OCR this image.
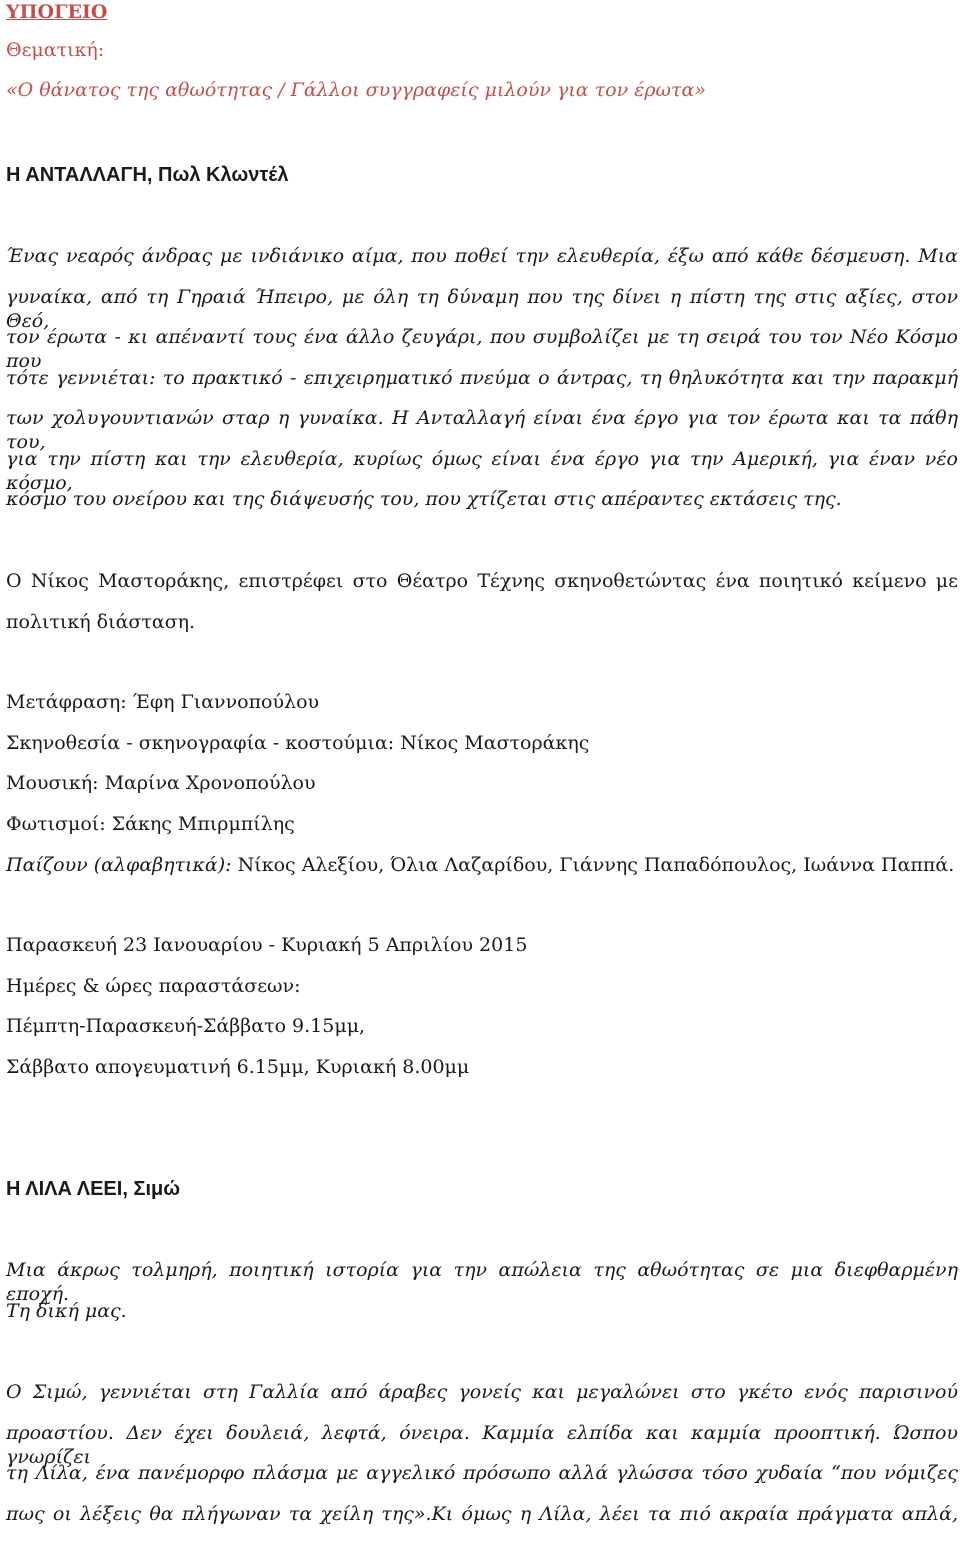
ΥΠΟΓΕΙΟ
Θεματική:
«Ο θάνατος της αθωότητας / Γάλλοι συγγραφείς μιλούν για τον έρωτα»
Η ΑΝΤΑΛΛΑΓΗ, Πωλ Κλωντέλ
Ένας νεαρός άνδρας με ινδιάνικο αίμα, που ποθεί την ελευθερία, έξω από κάθε δέσμευση. Μια
γυναίκα, από τη Γηραιά Ήπειρο, με όλη τη δύναμη που της δίνει η πίστη της στις αξίες, στον Θεό,
τον έρωτα - κι απέναντί τους ένα άλλο ζευγάρι, που συμβολίζει με τη σειρά του τον Νέο Κόσμο που
τότε γεννιέται: το πρακτικό - επιχειρηματικό πνεύμα ο άντρας, τη θηλυκότητα και την παρακμή
των χολυγουντιανών σταρ η γυναίκα. Η Ανταλλαγή είναι ένα έργο για τον έρωτα και τα πάθη του,
για την πίστη και την ελευθερία, κυρίως όμως είναι ένα έργο για την Αμερική, για έναν νέο κόσμο,
κόσμο του ονείρου και της διάψευσής του, που χτίζεται στις απέραντες εκτάσεις της.
Ο Νίκος Μαστοράκης, επιστρέφει στο Θέατρο Τέχνης σκηνοθετώντας ένα ποιητικό κείμενο με
πολιτική διάσταση.
Μετάφραση: Έφη Γιαννοπούλου
Σκηνοθεσία - σκηνογραφία - κοστούμια: Νίκος Μαστοράκης
Μουσική: Μαρίνα Χρονοπούλου
Φωτισμοί: Σάκης Μπιρμπίλης
Παίζουν (αλφαβητικά): Νίκος Αλεξίου, Όλια Λαζαρίδου, Γιάννης Παπαδόπουλος, Ιωάννα Παππά.
Παρασκευή 23 Ιανουαρίου - Κυριακή 5 Απριλίου 2015
Ημέρες & ώρες παραστάσεων:
Πέμπτη-Παρασκευή-Σάββατο 9.15μμ,
Σάββατο απογευματινή 6.15μμ, Κυριακή 8.00μμ
Η ΛΙΛΑ ΛΕΕΙ, Σιμώ
Μια άκρως τολμηρή, ποιητική ιστορία για την απώλεια της αθωότητας σε μια διεφθαρμένη εποχή.
Τη δική μας.
Ο Σιμώ, γεννιέται στη Γαλλία από άραβες γονείς και μεγαλώνει στο γκέτο ενός παρισινού
προαστίου. Δεν έχει δουλειά, λεφτά, όνειρα. Καμμία ελπίδα και καμμία προοπτική. Ώσπου γνωρίζει
τη Λίλα, ένα πανέμορφο πλάσμα με αγγελικό πρόσωπο αλλά γλώσσα τόσο χυδαία “που νόμιζες
πως οι λέξεις θα πλήγωναν τα χείλη της».Κι όμως η Λίλα, λέει τα πιό ακραία πράγματα απλά,
